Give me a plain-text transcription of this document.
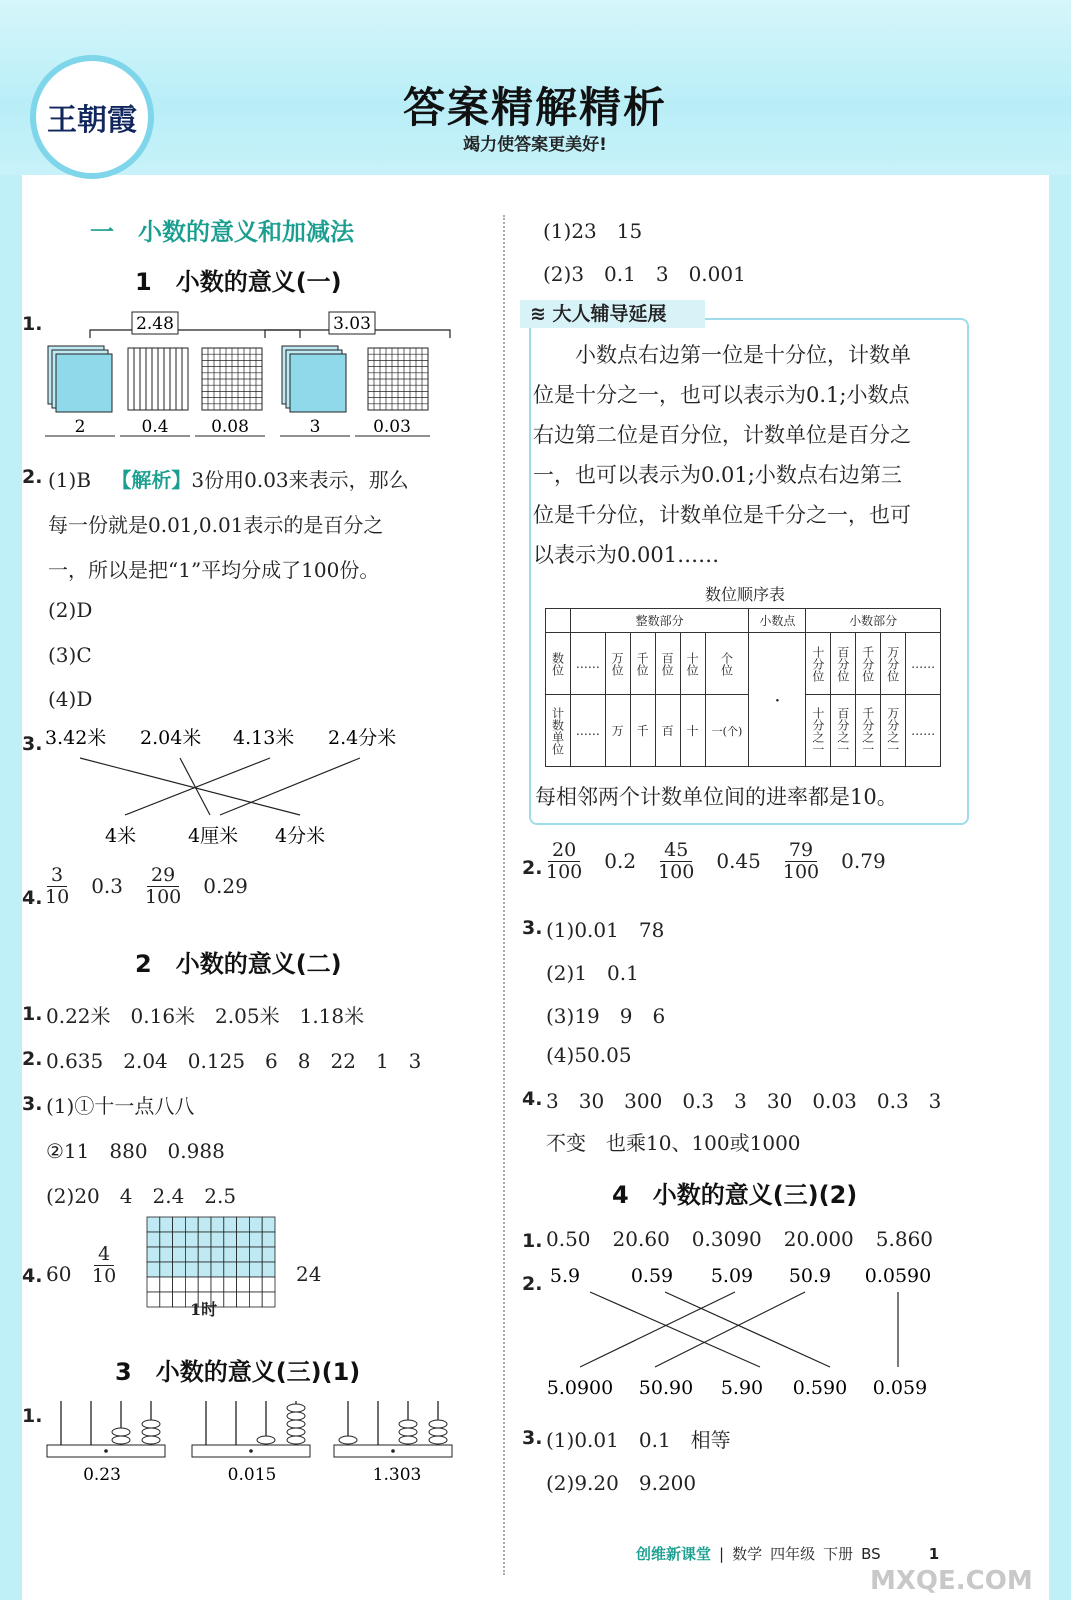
王朝霞	答案精解精析
竭力使答案更美好!
一　小数的意义和加减法
1　小数的意义(一)
1.	2.48	3.03
2	0.4	0.08	3	0.03
2. (1)B 【解析】3份用0.03来表示，那么
每一份就是0.01,0.01表示的是百分之
一，所以是把“1”平均分成了100份。
(2)D
(3)C
(4)D
3. 3.42米 2.04米 4.13米 2.4分米
4米	4厘米 4分米
4. $\frac{3}{10} 0.3 \frac{29}{100} 0.29$
2　小数的意义(二)
1. 0.22米　0.16米　2.05米　1.18米
2. 0.635　2.04　0.125　6　8　22　1　3
3. (1)①十一点八八
②11　880　0.988
(2)20　4　2.4　2.5
4. $60 \frac{4}{10}$
1时
24
3　小数的意义(三)(1)
1.
0.23	0.015	1.303
(1)23　15
(2)3　0.1　3　0.001
≋ 大人辅导延展
小数点右边第一位是十分位，计数单
位是十分之一，也可以表示为0.1;小数点
右边第二位是百分位，计数单位是百分之
一，也可以表示为0.01;小数点右边第三
位是千分位，计数单位是千分之一，也可
以表示为0.001……
数位顺序表
	整数部分						小数点	小数部分				
数位	……	万位	千位	百位	十位	个位	·	十分位	百分位	千分位	万分位	……
计数单位	……	万	千	百	十	一(个)		十分之一	百分之一	千分之一	万分之一	……
每相邻两个计数单位间的进率都是10。
2. $\frac{20}{100} 0.2 \frac{45}{100} 0.45 \frac{79}{100} 0.79$
3. (1)0.01　78
(2)1　0.1
(3)19　9　6
(4)50.05
4. 3　30　300　0.3　3　30　0.03　0.3　3
不变　也乘10、100或1000
4　小数的意义(三)(2)
1. 0.50 20.60 0.3090 20.000 5.860
2. 5.9	0.59 5.09 50.9 0.0590
5.0900 50.90 5.90 0.590 0.059
3. (1)0.01　0.1　相等
(2)9.20　9.200
创维新课堂 | 数学 四年级 下册 BS	1
MXQE.COM
